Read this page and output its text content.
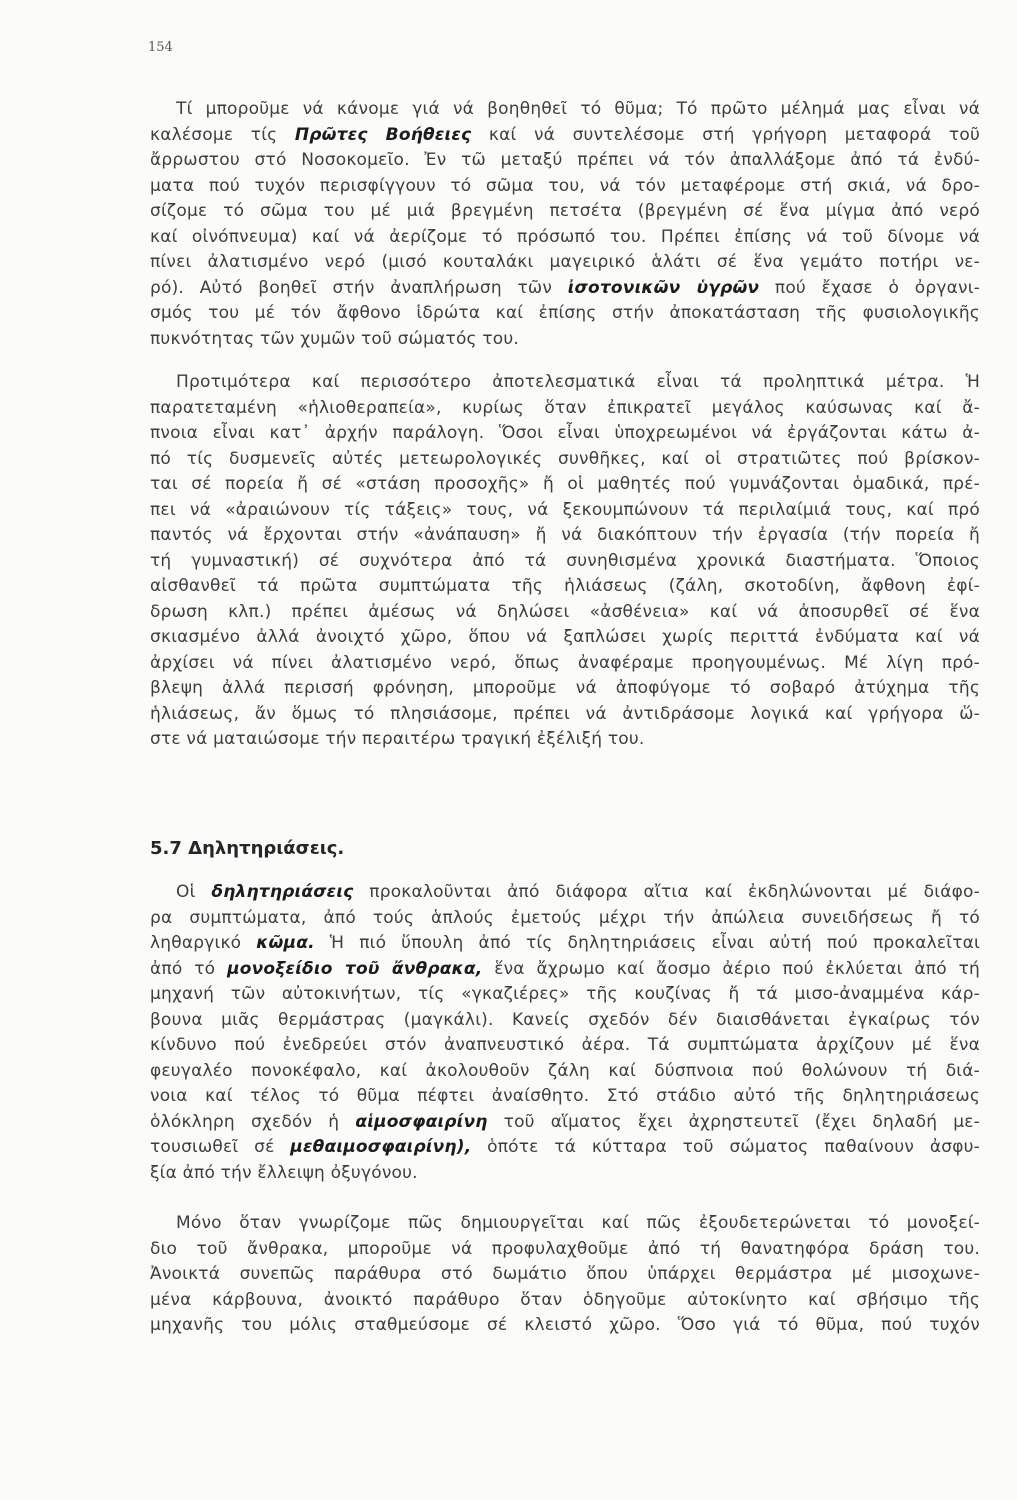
154
Τί μποροῦμε νά κάνομε γιά νά βοηθηθεῖ τό θῦμα; Τό πρῶτο μέλημά μας εἶναι νά
καλέσομε τίς Πρῶτες Βοήθειες καί νά συντελέσομε στή γρήγορη μεταφορά τοῦ
ἄρρωστου στό Νοσοκομεῖο. Ἐν τῶ μεταξύ πρέπει νά τόν ἀπαλλάξομε ἀπό τά ἐνδύ-
ματα πού τυχόν περισφίγγουν τό σῶμα του, νά τόν μεταφέρομε στή σκιά, νά δρο-
σίζομε τό σῶμα του μέ μιά βρεγμένη πετσέτα (βρεγμένη σέ ἕνα μίγμα ἀπό νερό
καί οἰνόπνευμα) καί νά ἀερίζομε τό πρόσωπό του. Πρέπει ἐπίσης νά τοῦ δίνομε νά
πίνει ἀλατισμένο νερό (μισό κουταλάκι μαγειρικό ἁλάτι σέ ἕνα γεμάτο ποτήρι νε-
ρό). Αὐτό βοηθεῖ στήν ἀναπλήρωση τῶν ἰσοτονικῶν ὑγρῶν πού ἔχασε ὁ ὀργανι-
σμός του μέ τόν ἄφθονο ἱδρώτα καί ἐπίσης στήν ἀποκατάσταση τῆς φυσιολογικῆς
πυκνότητας τῶν χυμῶν τοῦ σώματός του.
Προτιμότερα καί περισσότερο ἀποτελεσματικά εἶναι τά προληπτικά μέτρα. Ἡ
παρατεταμένη «ἡλιοθεραπεία», κυρίως ὅταν ἐπικρατεῖ μεγάλος καύσωνας καί ἄ-
πνοια εἶναι κατ᾽ ἀρχήν παράλογη. Ὅσοι εἶναι ὑποχρεωμένοι νά ἐργάζονται κάτω ἀ-
πό τίς δυσμενεῖς αὐτές μετεωρολογικές συνθῆκες, καί οἱ στρατιῶτες πού βρίσκον-
ται σέ πορεία ἤ σέ «στάση προσοχῆς» ἤ οἱ μαθητές πού γυμνάζονται ὁμαδικά, πρέ-
πει νά «ἀραιώνουν τίς τάξεις» τους, νά ξεκουμπώνουν τά περιλαίμιά τους, καί πρό
παντός νά ἔρχονται στήν «ἀνάπαυση» ἤ νά διακόπτουν τήν ἐργασία (τήν πορεία ἤ
τή γυμναστική) σέ συχνότερα ἀπό τά συνηθισμένα χρονικά διαστήματα. Ὅποιος
αἰσθανθεῖ τά πρῶτα συμπτώματα τῆς ἡλιάσεως (ζάλη, σκοτοδίνη, ἄφθονη ἐφί-
δρωση κλπ.) πρέπει ἀμέσως νά δηλώσει «ἀσθένεια» καί νά ἀποσυρθεῖ σέ ἕνα
σκιασμένο ἀλλά ἀνοιχτό χῶρο, ὅπου νά ξαπλώσει χωρίς περιττά ἐνδύματα καί νά
ἀρχίσει νά πίνει ἀλατισμένο νερό, ὅπως ἀναφέραμε προηγουμένως. Μέ λίγη πρό-
βλεψη ἀλλά περισσή φρόνηση, μποροῦμε νά ἀποφύγομε τό σοβαρό ἀτύχημα τῆς
ἡλιάσεως, ἄν ὅμως τό πλησιάσομε, πρέπει νά ἀντιδράσομε λογικά καί γρήγορα ὥ-
στε νά ματαιώσομε τήν περαιτέρω τραγική ἐξέλιξή του.
5.7 Δηλητηριάσεις.
Οἱ δηλητηριάσεις προκαλοῦνται ἀπό διάφορα αἴτια καί ἐκδηλώνονται μέ διάφο-
ρα συμπτώματα, ἀπό τούς ἁπλούς ἐμετούς μέχρι τήν ἀπώλεια συνειδήσεως ἤ τό
ληθαργικό κῶμα. Ἡ πιό ὕπουλη ἀπό τίς δηλητηριάσεις εἶναι αὐτή πού προκαλεῖται
ἀπό τό μονοξείδιο τοῦ ἄνθρακα, ἕνα ἄχρωμο καί ἄοσμο ἀέριο πού ἐκλύεται ἀπό τή
μηχανή τῶν αὐτοκινήτων, τίς «γκαζιέρες» τῆς κουζίνας ἤ τά μισο-ἀναμμένα κάρ-
βουνα μιᾶς θερμάστρας (μαγκάλι). Κανείς σχεδόν δέν διαισθάνεται ἐγκαίρως τόν
κίνδυνο πού ἐνεδρεύει στόν ἀναπνευστικό ἀέρα. Τά συμπτώματα ἀρχίζουν μέ ἕνα
φευγαλέο πονοκέφαλο, καί ἀκολουθοῦν ζάλη καί δύσπνοια πού θολώνουν τή διά-
νοια καί τέλος τό θῦμα πέφτει ἀναίσθητο. Στό στάδιο αὐτό τῆς δηλητηριάσεως
ὁλόκληρη σχεδόν ἡ αἱμοσφαιρίνη τοῦ αἵματος ἔχει ἀχρηστευτεῖ (ἔχει δηλαδή με-
τουσιωθεῖ σέ μεθαιμοσφαιρίνη), ὁπότε τά κύτταρα τοῦ σώματος παθαίνουν ἀσφυ-
ξία ἀπό τήν ἔλλειψη ὀξυγόνου.
Μόνο ὅταν γνωρίζομε πῶς δημιουργεῖται καί πῶς ἐξουδετερώνεται τό μονοξεί-
διο τοῦ ἄνθρακα, μποροῦμε νά προφυλαχθοῦμε ἀπό τή θανατηφόρα δράση του.
Ἀνοικτά συνεπῶς παράθυρα στό δωμάτιο ὅπου ὑπάρχει θερμάστρα μέ μισοχωνε-
μένα κάρβουνα, ἀνοικτό παράθυρο ὅταν ὁδηγοῦμε αὐτοκίνητο καί σβήσιμο τῆς
μηχανῆς του μόλις σταθμεύσομε σέ κλειστό χῶρο. Ὅσο γιά τό θῦμα, πού τυχόν
